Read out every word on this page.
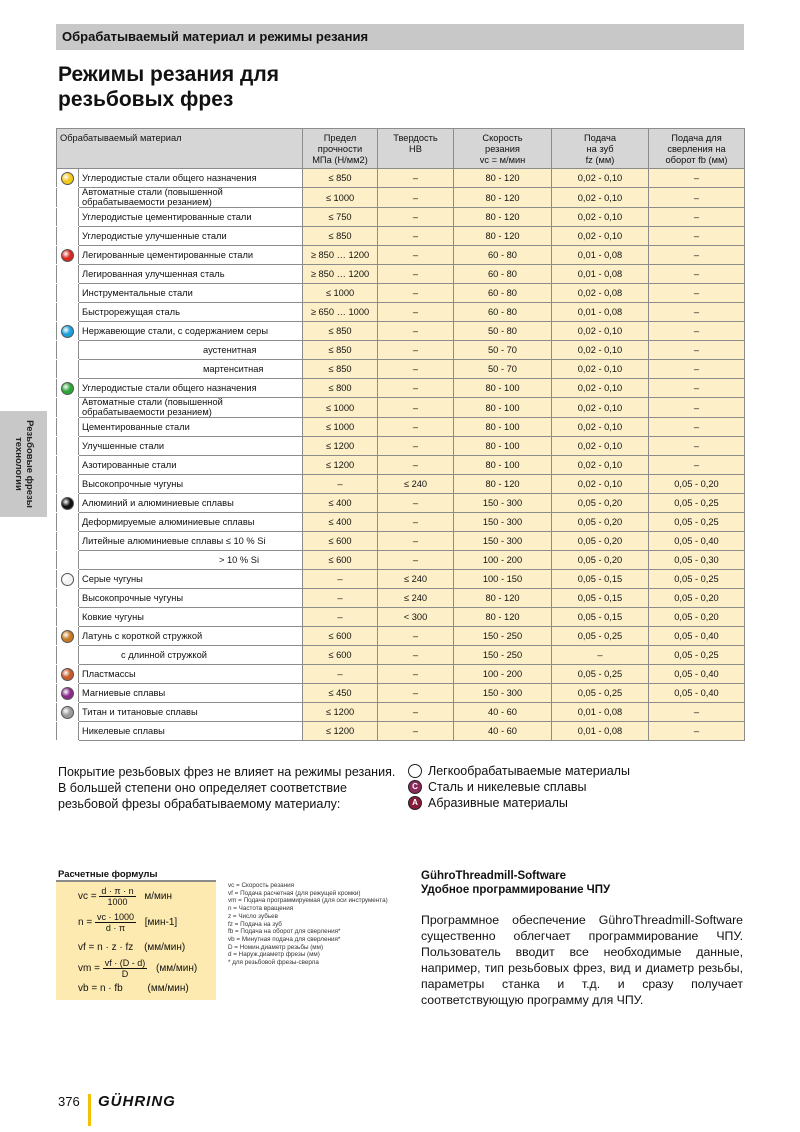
Обрабатываемый материал и режимы резания
Режимы резания для
резьбовых фрез
Резьбовые фрезы
технологии
Обрабатываемый материал		Предел
прочности
МПа (Н/мм2)	Твердость
HB	Скорость
резания
vc = м/мин	Подача
на зуб
fz (мм)	Подача для
сверления на
оборот fb (мм)

	Углеродистые стали общего назначения	≤ 850	–	80 - 120	0,02 - 0,10	–
	Автоматные стали (повышенной обрабатываемости резанием)	≤ 1000	–	80 - 120	0,02 - 0,10	–
	Углеродистые цементированные стали	≤ 750	–	80 - 120	0,02 - 0,10	–
	Углеродистые улучшенные стали	≤ 850	–	80 - 120	0,02 - 0,10	–

	Легированные цементированные стали	≥ 850 … 1200	–	60 - 80	0,01 - 0,08	–
	Легированная улучшенная сталь	≥ 850 … 1200	–	60 - 80	0,01 - 0,08	–
	Инструментальные стали	≤ 1000	–	60 - 80	0,02 - 0,08	–
	Быстрорежущая сталь	≥ 650 … 1000	–	60 - 80	0,01 - 0,08	–

	Нержавеющие стали, с содержанием серы	≤ 850	–	50 - 80	0,02 - 0,10	–
	аустенитная	≤ 850	–	50 - 70	0,02 - 0,10	–
	мартенситная	≤ 850	–	50 - 70	0,02 - 0,10	–

	Углеродистые стали общего назначения	≤ 800	–	80 - 100	0,02 - 0,10	–
	Автоматные стали (повышенной обрабатываемости резанием)	≤ 1000	–	80 - 100	0,02 - 0,10	–
	Цементированные стали	≤ 1000	–	80 - 100	0,02 - 0,10	–
	Улучшенные стали	≤ 1200	–	80 - 100	0,02 - 0,10	–
	Азотированные стали	≤ 1200	–	80 - 100	0,02 - 0,10	–
	Высокопрочные чугуны	–	≤ 240	80 - 120	0,02 - 0,10	0,05 - 0,20

	Алюминий и алюминиевые сплавы	≤ 400	–	150 - 300	0,05 - 0,20	0,05 - 0,25
	Деформируемые алюминиевые сплавы	≤ 400	–	150 - 300	0,05 - 0,20	0,05 - 0,25
	Литейные алюминиевые сплавы ≤ 10 % Si	≤ 600	–	150 - 300	0,05 - 0,20	0,05 - 0,40
	> 10 % Si	≤ 600	–	100 - 200	0,05 - 0,20	0,05 - 0,30

	Серые чугуны	–	≤ 240	100 - 150	0,05 - 0,15	0,05 - 0,25
	Высокопрочные чугуны	–	≤ 240	80 - 120	0,05 - 0,15	0,05 - 0,20
	Ковкие чугуны	–	< 300	80 - 120	0,05 - 0,15	0,05 - 0,20

	Латунь с короткой стружкой	≤ 600	–	150 - 250	0,05 - 0,25	0,05 - 0,40
	с длинной стружкой	≤ 600	–	150 - 250	–	0,05 - 0,25

	Пластмассы	–	–	100 - 200	0,05 - 0,25	0,05 - 0,40

	Магниевые сплавы	≤ 450	–	150 - 300	0,05 - 0,25	0,05 - 0,40

	Титан и титановые сплавы	≤ 1200	–	40 - 60	0,01 - 0,08	–
	Никелевые сплавы	≤ 1200	–	40 - 60	0,01 - 0,08	–
Покрытие резьбовых фрез не влияет на режимы резания. В большей степени оно определяет соответствие резьбовой фрезы обрабатываемому материалу:
Легкообрабатываемые материалы
C Сталь и никелевые сплавы
A Абразивные материалы
Расчетные формулы
vc = $\frac{d \cdot \pi \cdot n}{1000} м/мин$
$n = \frac{vc \cdot 1000}{d \cdot \pi} [мин-1]$
vf = n · z · fz (мм/мин)
vm = $\frac{vf \cdot (D - d)}{D} (мм/мин)$
vb = n · fb (мм/мин)
vc = Скорость резания
vf = Подача расчетная (для режущей кромки)
vm = Подача программируемая (для оси инструмента)
n = Частота вращения
z = Число зубьев
fz = Подача на зуб
fb = Подача на оборот для сверления*
vb = Минутная подача для сверления*
D = Номин.диаметр резьбы (мм)
d = Наруж.диаметр фрезы (мм)
* для резьбовой фрезы-сверла
GührоThreadmill-Software
Удобное программирование ЧПУ
Программное обеспечение GühroThreadmill-Software существенно облегчает программирование ЧПУ. Пользователь вводит все необходимые данные, например, тип резьбовых фрез, вид и диаметр резьбы, параметры станка и т.д. и сразу получает соответствующую программу для ЧПУ.
376 GÜHRING
